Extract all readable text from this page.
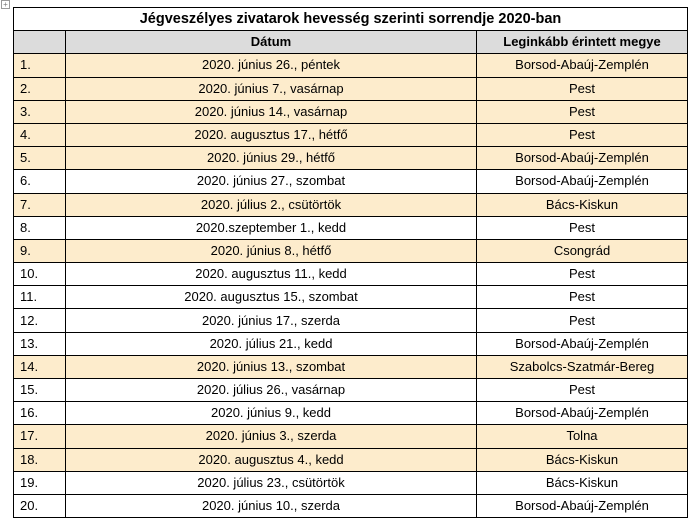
+
Jégveszélyes zivatarok hevesség szerinti sorrendje 2020-ban		
	Dátum	Leginkább érintett megye
1.	2020. június 26., péntek	Borsod-Abaúj-Zemplén
2.	2020. június 7., vasárnap	Pest
3.	2020. június 14., vasárnap	Pest
4.	2020. augusztus 17., hétfő	Pest
5.	2020. június 29., hétfő	Borsod-Abaúj-Zemplén
6.	2020. június 27., szombat	Borsod-Abaúj-Zemplén
7.	2020. július 2., csütörtök	Bács-Kiskun
8.	2020.szeptember 1., kedd	Pest
9.	2020. június 8., hétfő	Csongrád
10.	2020. augusztus 11., kedd	Pest
11.	2020. augusztus 15., szombat	Pest
12.	2020. június 17., szerda	Pest
13.	2020. július 21., kedd	Borsod-Abaúj-Zemplén
14.	2020. június 13., szombat	Szabolcs-Szatmár-Bereg
15.	2020. július 26., vasárnap	Pest
16.	2020. június 9., kedd	Borsod-Abaúj-Zemplén
17.	2020. június 3., szerda	Tolna
18.	2020. augusztus 4., kedd	Bács-Kiskun
19.	2020. július 23., csütörtök	Bács-Kiskun
20.	2020. június 10., szerda	Borsod-Abaúj-Zemplén
